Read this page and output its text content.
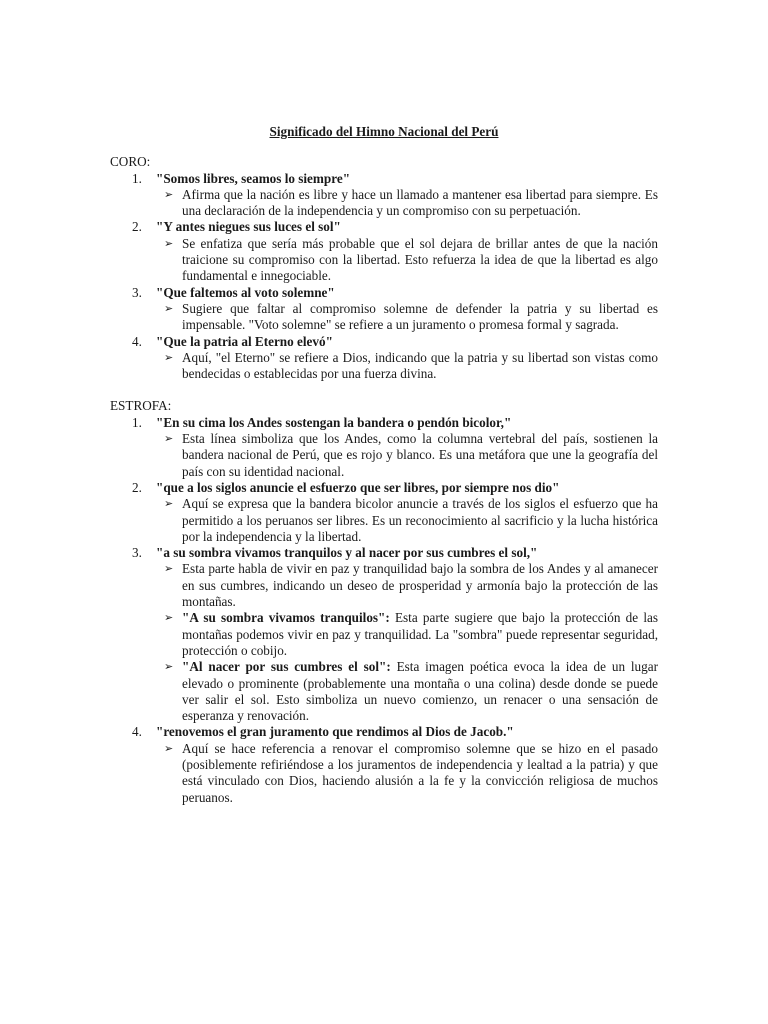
Significado del Himno Nacional del Perú
CORO:
1. "Somos libres, seamos lo siempre"
➢ Afirma que la nación es libre y hace un llamado a mantener esa libertad para siempre. Es una declaración de la independencia y un compromiso con su perpetuación.
2. "Y antes niegues sus luces el sol"
➢ Se enfatiza que sería más probable que el sol dejara de brillar antes de que la nación traicione su compromiso con la libertad. Esto refuerza la idea de que la libertad es algo fundamental e innegociable.
3. "Que faltemos al voto solemne"
➢ Sugiere que faltar al compromiso solemne de defender la patria y su libertad es impensable. "Voto solemne" se refiere a un juramento o promesa formal y sagrada.
4. "Que la patria al Eterno elevó"
➢ Aquí, "el Eterno" se refiere a Dios, indicando que la patria y su libertad son vistas como bendecidas o establecidas por una fuerza divina.
ESTROFA:
1. "En su cima los Andes sostengan la bandera o pendón bicolor,"
➢ Esta línea simboliza que los Andes, como la columna vertebral del país, sostienen la bandera nacional de Perú, que es rojo y blanco. Es una metáfora que une la geografía del país con su identidad nacional.
2. "que a los siglos anuncie el esfuerzo que ser libres, por siempre nos dio"
➢ Aquí se expresa que la bandera bicolor anuncie a través de los siglos el esfuerzo que ha permitido a los peruanos ser libres. Es un reconocimiento al sacrificio y la lucha histórica por la independencia y la libertad.
3. "a su sombra vivamos tranquilos y al nacer por sus cumbres el sol,"
➢ Esta parte habla de vivir en paz y tranquilidad bajo la sombra de los Andes y al amanecer en sus cumbres, indicando un deseo de prosperidad y armonía bajo la protección de las montañas.
➢ "A su sombra vivamos tranquilos": Esta parte sugiere que bajo la protección de las montañas podemos vivir en paz y tranquilidad. La "sombra" puede representar seguridad, protección o cobijo.
➢ "Al nacer por sus cumbres el sol": Esta imagen poética evoca la idea de un lugar elevado o prominente (probablemente una montaña o una colina) desde donde se puede ver salir el sol. Esto simboliza un nuevo comienzo, un renacer o una sensación de esperanza y renovación.
4. "renovemos el gran juramento que rendimos al Dios de Jacob."
➢ Aquí se hace referencia a renovar el compromiso solemne que se hizo en el pasado (posiblemente refiriéndose a los juramentos de independencia y lealtad a la patria) y que está vinculado con Dios, haciendo alusión a la fe y la convicción religiosa de muchos peruanos.
